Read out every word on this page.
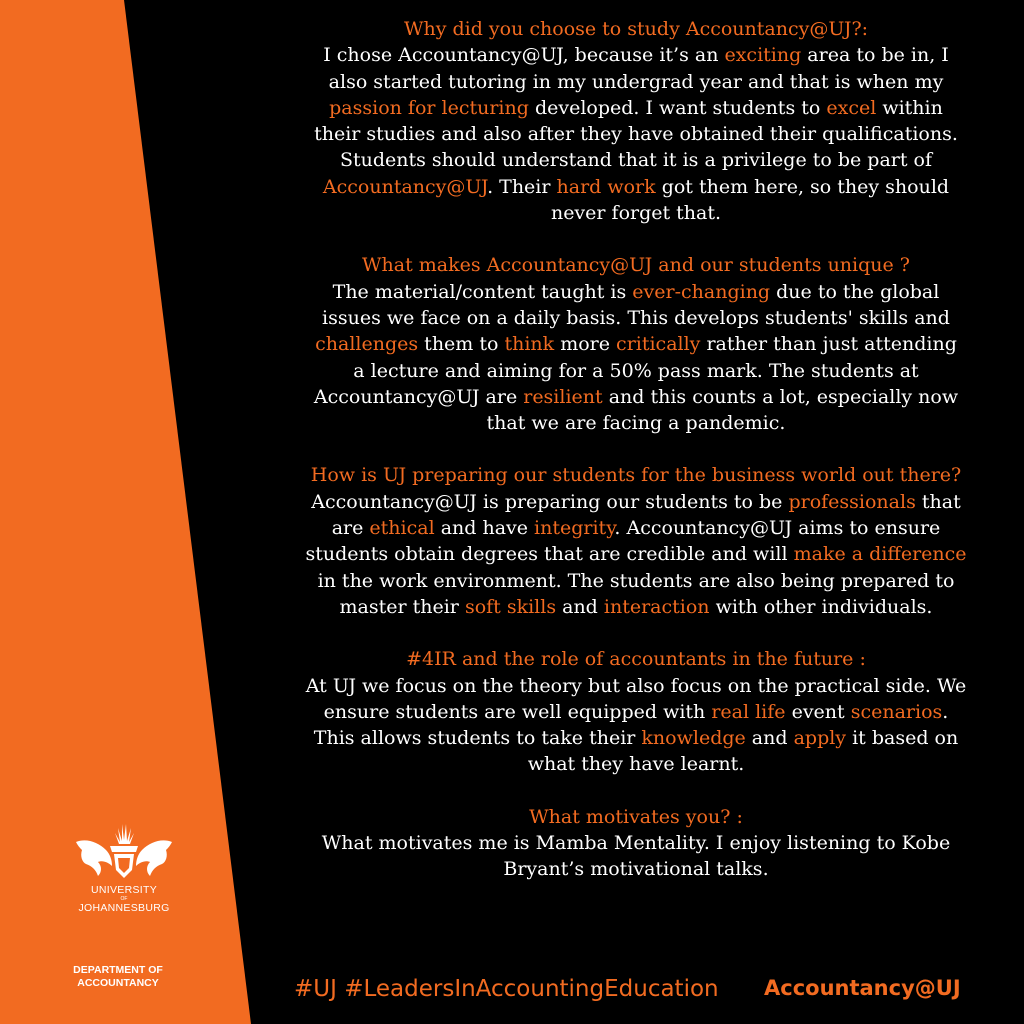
Why did you choose to study Accountancy@UJ?:
I chose Accountancy@UJ, because it’s an exciting area to be in, I
also started tutoring in my undergrad year and that is when my
passion for lecturing developed. I want students to excel within
their studies and also after they have obtained their qualifications.
Students should understand that it is a privilege to be part of
Accountancy@UJ. Their hard work got them here, so they should
never forget that.
What makes Accountancy@UJ and our students unique ?
The material/content taught is ever-changing due to the global
issues we face on a daily basis. This develops students' skills and
challenges them to think more critically rather than just attending
a lecture and aiming for a 50% pass mark. The students at
Accountancy@UJ are resilient and this counts a lot, especially now
that we are facing a pandemic.
How is UJ preparing our students for the business world out there?
Accountancy@UJ is preparing our students to be professionals that
are ethical and have integrity. Accountancy@UJ aims to ensure
students obtain degrees that are credible and will make a difference
in the work environment. The students are also being prepared to
master their soft skills and interaction with other individuals.
#4IR and the role of accountants in the future :
At UJ we focus on the theory but also focus on the practical side. We
ensure students are well equipped with real life event scenarios.
This allows students to take their knowledge and apply it based on
what they have learnt.
What motivates you? :
What motivates me is Mamba Mentality. I enjoy listening to Kobe
Bryant’s motivational talks.
UNIVERSITY
OF
JOHANNESBURG
DEPARTMENT OF
ACCOUNTANCY	#UJ #LeadersInAccountingEducation Accountancy@UJ
